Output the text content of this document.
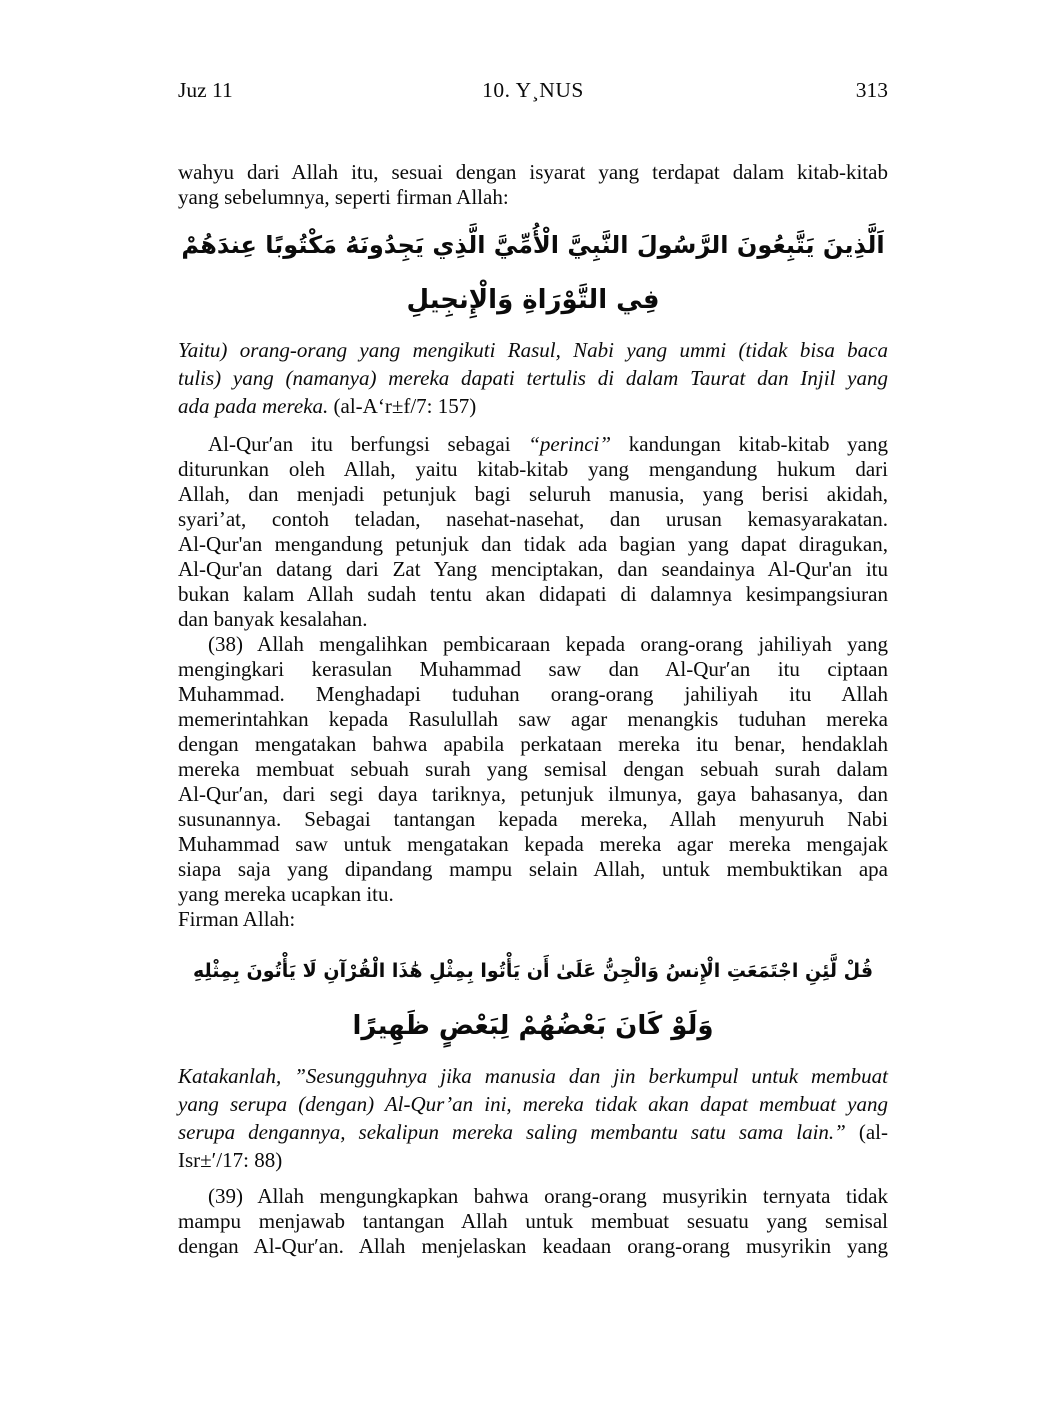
Juz 11	10. Y¸NUS	313
wahyu dari Allah itu, sesuai dengan isyarat yang terdapat dalam kitab-kitab
yang sebelumnya, seperti firman Allah:
اَلَّذِينَ يَتَّبِعُونَ الرَّسُولَ النَّبِيَّ الْأُمِّيَّ الَّذِي يَجِدُونَهُ مَكْتُوبًا عِندَهُمْ
فِي التَّوْرَاةِ وَالْإِنجِيلِ
Yaitu) orang-orang yang mengikuti Rasul, Nabi yang ummi (tidak bisa baca
tulis) yang (namanya) mereka dapati tertulis di dalam Taurat dan Injil yang
ada pada mereka. (al-A‘r±f/7: 157)
Al-Qur′an itu berfungsi sebagai “perinci” kandungan kitab-kitab yang
diturunkan oleh Allah, yaitu kitab-kitab yang mengandung hukum dari
Allah, dan menjadi petunjuk bagi seluruh manusia, yang berisi akidah,
syari’at, contoh teladan, nasehat-nasehat, dan urusan kemasyarakatan.
Al-Qur'an mengandung petunjuk dan tidak ada bagian yang dapat diragukan,
Al-Qur'an datang dari Zat Yang menciptakan, dan seandainya Al-Qur'an itu
bukan kalam Allah sudah tentu akan didapati di dalamnya kesimpangsiuran
dan banyak kesalahan.
(38) Allah mengalihkan pembicaraan kepada orang-orang jahiliyah yang
mengingkari kerasulan Muhammad saw dan Al-Qur′an itu ciptaan
Muhammad. Menghadapi tuduhan orang-orang jahiliyah itu Allah
memerintahkan kepada Rasulullah saw agar menangkis tuduhan mereka
dengan mengatakan bahwa apabila perkataan mereka itu benar, hendaklah
mereka membuat sebuah surah yang semisal dengan sebuah surah dalam
Al-Qur′an, dari segi daya tariknya, petunjuk ilmunya, gaya bahasanya, dan
susunannya. Sebagai tantangan kepada mereka, Allah menyuruh Nabi
Muhammad saw untuk mengatakan kepada mereka agar mereka mengajak
siapa saja yang dipandang mampu selain Allah, untuk membuktikan apa
yang mereka ucapkan itu.
Firman Allah:
قُلْ لَّئِنِ اجْتَمَعَتِ الْإِنسُ وَالْجِنُّ عَلَىٰ أَن يَأْتُوا بِمِثْلِ هَٰذَا الْقُرْآنِ لَا يَأْتُونَ بِمِثْلِهِ
وَلَوْ كَانَ بَعْضُهُمْ لِبَعْضٍ ظَهِيرًا
Katakanlah, ”Sesungguhnya jika manusia dan jin berkumpul untuk membuat
yang serupa (dengan) Al-Qur’an ini, mereka tidak akan dapat membuat yang
serupa dengannya, sekalipun mereka saling membantu satu sama lain.” (al-
Isr±′/17: 88)
(39) Allah mengungkapkan bahwa orang-orang musyrikin ternyata tidak
mampu menjawab tantangan Allah untuk membuat sesuatu yang semisal
dengan Al-Qur′an. Allah menjelaskan keadaan orang-orang musyrikin yang
